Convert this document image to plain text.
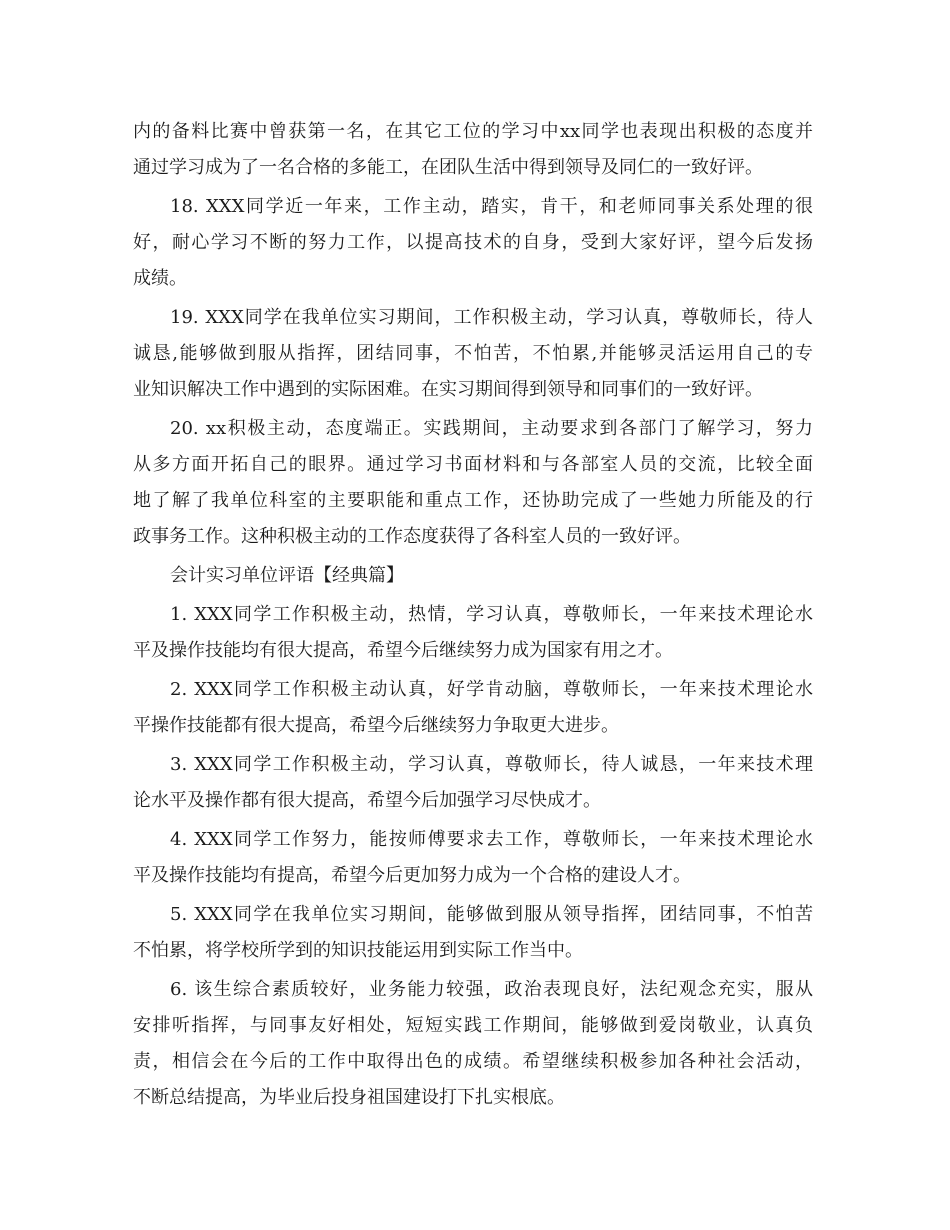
内的备料比赛中曾获第一名，在其它工位的学习中xx同学也表现出积极的态度并
通过学习成为了一名合格的多能工，在团队生活中得到领导及同仁的一致好评。
18. XXX同学近一年来，工作主动，踏实，肯干，和老师同事关系处理的很
好，耐心学习不断的努力工作，以提高技术的自身，受到大家好评，望今后发扬
成绩。
19. XXX同学在我单位实习期间，工作积极主动，学习认真，尊敬师长，待人
诚恳,能够做到服从指挥，团结同事，不怕苦，不怕累,并能够灵活运用自己的专
业知识解决工作中遇到的实际困难。在实习期间得到领导和同事们的一致好评。
20. xx积极主动，态度端正。实践期间，主动要求到各部门了解学习，努力
从多方面开拓自己的眼界。通过学习书面材料和与各部室人员的交流，比较全面
地了解了我单位科室的主要职能和重点工作，还协助完成了一些她力所能及的行
政事务工作。这种积极主动的工作态度获得了各科室人员的一致好评。
会计实习单位评语【经典篇】
1. XXX同学工作积极主动，热情，学习认真，尊敬师长，一年来技术理论水
平及操作技能均有很大提高，希望今后继续努力成为国家有用之才。
2. XXX同学工作积极主动认真，好学肯动脑，尊敬师长，一年来技术理论水
平操作技能都有很大提高，希望今后继续努力争取更大进步。
3. XXX同学工作积极主动，学习认真，尊敬师长，待人诚恳，一年来技术理
论水平及操作都有很大提高，希望今后加强学习尽快成才。
4. XXX同学工作努力，能按师傅要求去工作，尊敬师长，一年来技术理论水
平及操作技能均有提高，希望今后更加努力成为一个合格的建设人才。
5. XXX同学在我单位实习期间，能够做到服从领导指挥，团结同事，不怕苦
不怕累，将学校所学到的知识技能运用到实际工作当中。
6. 该生综合素质较好，业务能力较强，政治表现良好，法纪观念充实，服从
安排听指挥，与同事友好相处，短短实践工作期间，能够做到爱岗敬业，认真负
责，相信会在今后的工作中取得出色的成绩。希望继续积极参加各种社会活动，
不断总结提高，为毕业后投身祖国建设打下扎实根底。
